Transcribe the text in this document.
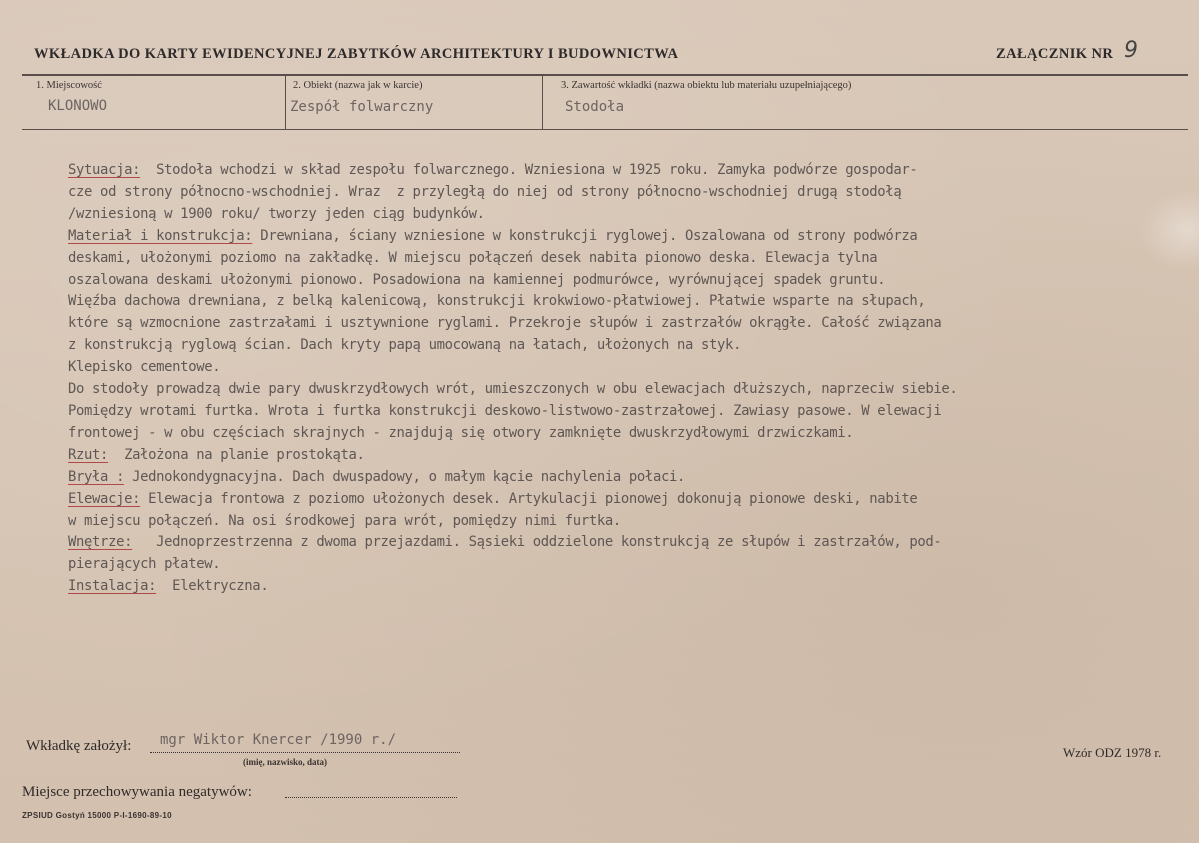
WKŁADKA DO KARTY EWIDENCYJNEJ ZABYTKÓW ARCHITEKTURY I BUDOWNICTWA	ZAŁĄCZNIK NR 9
1. Miejscowość
KLONOWO
2. Obiekt (nazwa jak w karcie)
Zespół folwarczny
3. Zawartość wkładki (nazwa obiektu lub materiału uzupełniającego)
Stodoła

Sytuacja:  Stodoła wchodzi w skład zespołu folwarcznego. Wzniesiona w 1925 roku. Zamyka podwórze gospodar-

cze od strony północno-wschodniej. Wraz  z przyległą do niej od strony północno-wschodniej drugą stodołą

/wzniesioną w 1900 roku/ tworzy jeden ciąg budynków.

Materiał i konstrukcja: Drewniana, ściany wzniesione w konstrukcji ryglowej. Oszalowana od strony podwórza

deskami, ułożonymi poziomo na zakładkę. W miejscu połączeń desek nabita pionowo deska. Elewacja tylna

oszalowana deskami ułożonymi pionowo. Posadowiona na kamiennej podmurówce, wyrównującej spadek gruntu.

Więźba dachowa drewniana, z belką kalenicową, konstrukcji krokwiowo-płatwiowej. Płatwie wsparte na słupach,

które są wzmocnione zastrzałami i usztywnione ryglami. Przekroje słupów i zastrzałów okrągłe. Całość związana

z konstrukcją ryglową ścian. Dach kryty papą umocowaną na łatach, ułożonych na styk.

Klepisko cementowe.

Do stodoły prowadzą dwie pary dwuskrzydłowych wrót, umieszczonych w obu elewacjach dłuższych, naprzeciw siebie.

Pomiędzy wrotami furtka. Wrota i furtka konstrukcji deskowo-listwowo-zastrzałowej. Zawiasy pasowe. W elewacji

frontowej - w obu częściach skrajnych - znajdują się otwory zamknięte dwuskrzydłowymi drzwiczkami.

Rzut:  Założona na planie prostokąta.

Bryła : Jednokondygnacyjna. Dach dwuspadowy, o małym kącie nachylenia połaci.

Elewacje: Elewacja frontowa z poziomo ułożonych desek. Artykulacji pionowej dokonują pionowe deski, nabite

w miejscu połączeń. Na osi środkowej para wrót, pomiędzy nimi furtka.

Wnętrze:   Jednoprzestrzenna z dwoma przejazdami. Sąsieki oddzielone konstrukcją ze słupów i zastrzałów, pod-

pierających płatew.

Instalacja:  Elektryczna.

Wkładkę założył: mgr Wiktor Knercer /1990 r./
(imię, nazwisko, data)
Wzór ODZ 1978 r.
Miejsce przechowywania negatywów:
ZPSIUD Gostyń 15000 P-I-1690-89-10
